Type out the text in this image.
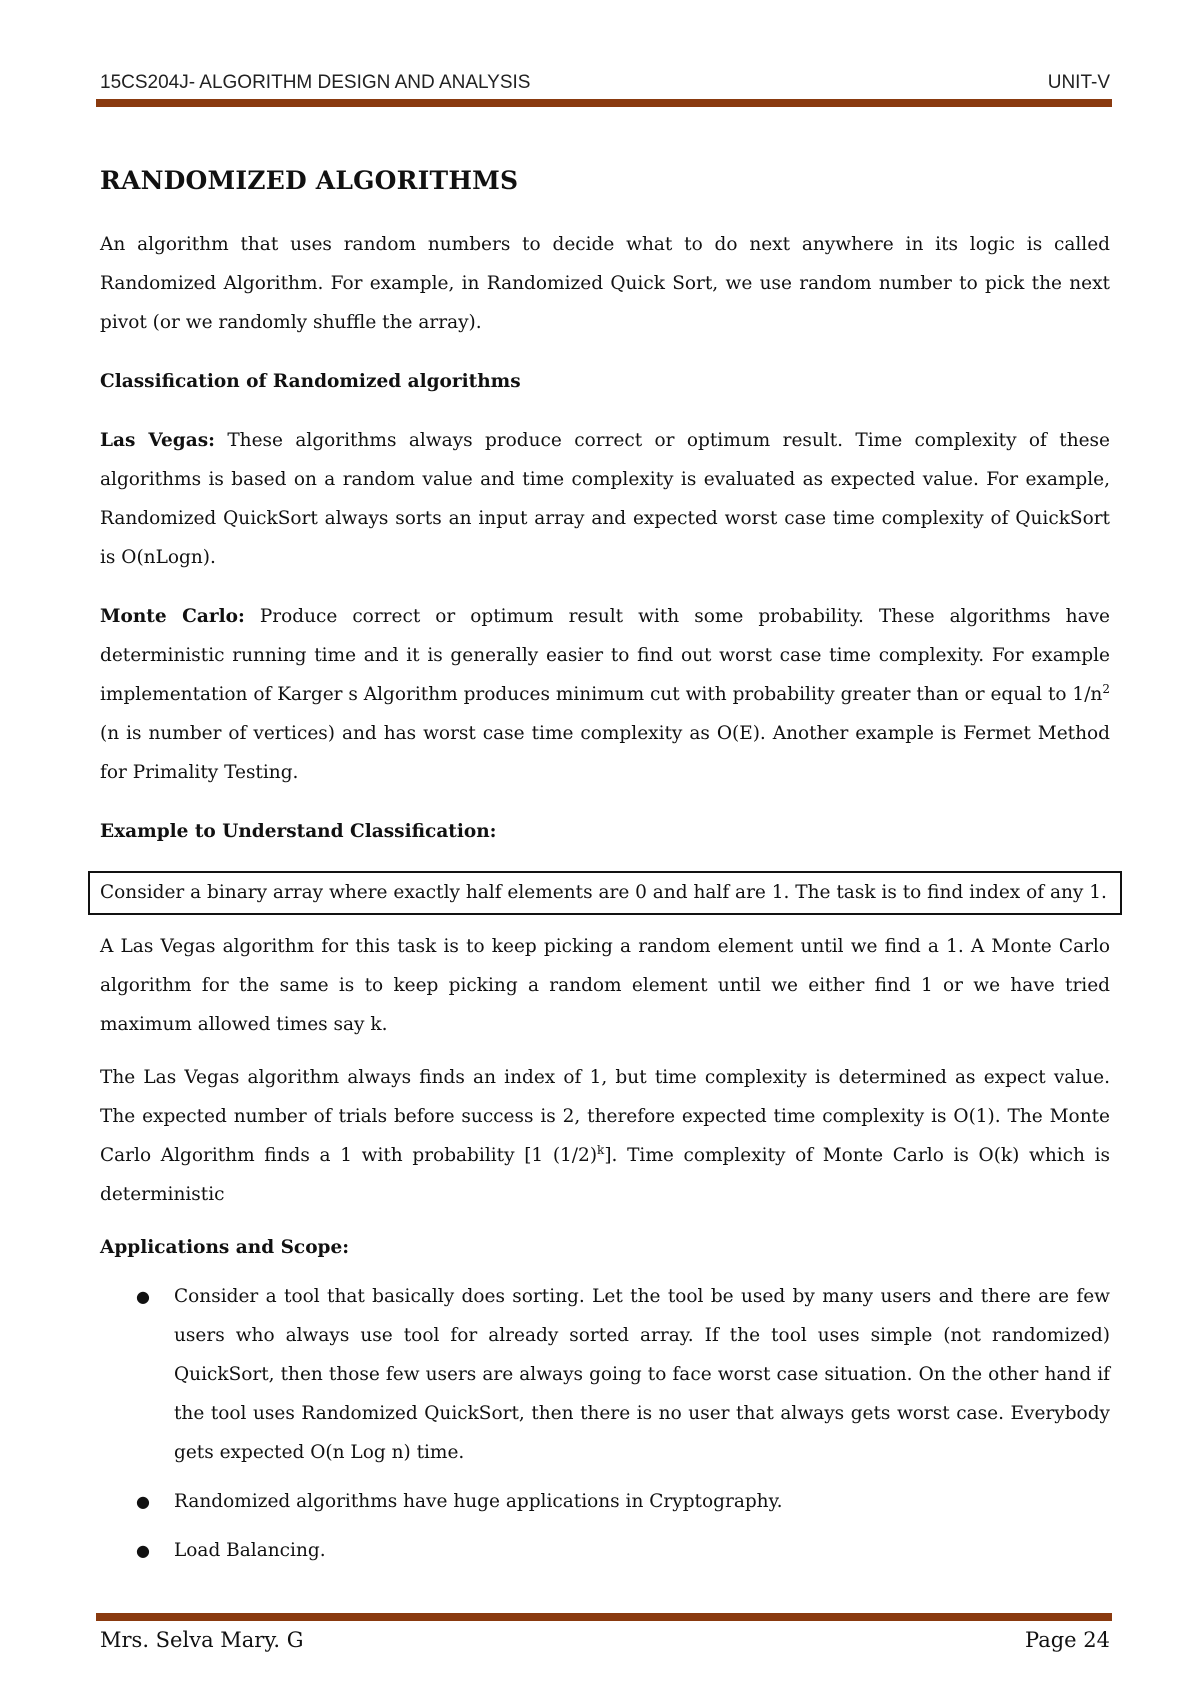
15CS204J- ALGORITHM DESIGN AND ANALYSIS	UNIT-V
RANDOMIZED ALGORITHMS

An algorithm that uses random numbers to decide what to do next anywhere in its logic is called Randomized Algorithm. For example, in Randomized Quick Sort, we use random number to pick the next pivot (or we randomly shuffle the array).

Classification of Randomized algorithms

Las Vegas: These algorithms always produce correct or optimum result. Time complexity of these algorithms is based on a random value and time complexity is evaluated as expected value. For example, Randomized QuickSort always sorts an input array and expected worst case time complexity of QuickSort is O(nLogn).

Monte Carlo: Produce correct or optimum result with some probability. These algorithms have deterministic running time and it is generally easier to find out worst case time complexity. For example implementation of Karger s Algorithm produces minimum cut with probability greater than or equal to $1/n^2$ (n is number of vertices) and has worst case time complexity as O(E). Another example is Fermet Method for Primality Testing.

Example to Understand Classification:
Consider a binary array where exactly half elements are 0 and half are 1. The task is to find index of any 1.

A Las Vegas algorithm for this task is to keep picking a random element until we find a 1. A Monte Carlo algorithm for the same is to keep picking a random element until we either find 1 or we have tried maximum allowed times say k.

The Las Vegas algorithm always finds an index of 1, but time complexity is determined as expect value. The expected number of trials before success is 2, therefore expected time complexity is O(1). The Monte Carlo Algorithm finds a 1 with probability [1 $(1/2)^k$]. Time complexity of Monte Carlo is O(k) which is deterministic

Applications and Scope:
● Consider a tool that basically does sorting. Let the tool be used by many users and there are few users who always use tool for already sorted array. If the tool uses simple (not randomized) QuickSort, then those few users are always going to face worst case situation. On the other hand if the tool uses Randomized QuickSort, then there is no user that always gets worst case. Everybody gets expected O(n Log n) time.
● Randomized algorithms have huge applications in Cryptography.
● Load Balancing.
Mrs. Selva Mary. G	Page 24
